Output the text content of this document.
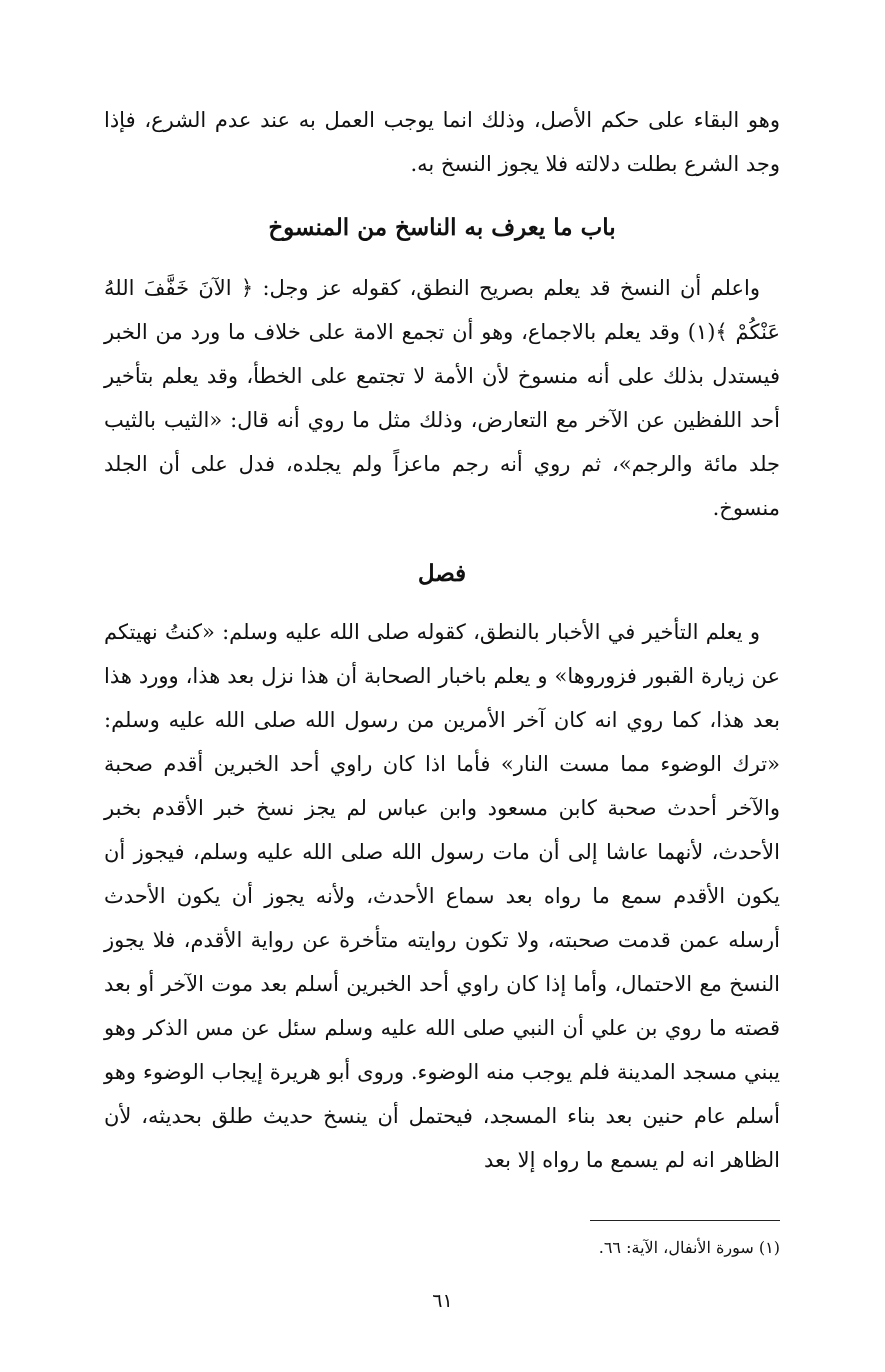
وهو البقاء على حكم الأصل، وذلك انما يوجب العمل به عند عدم الشرع، فإذا وجد الشرع بطلت دلالته فلا يجوز النسخ به.

باب ما يعرف به الناسخ من المنسوخ

واعلم أن النسخ قد يعلم بصريح النطق، كقوله عز وجل: ﴿ الآنَ خَفَّفَ اللهُ عَنْكُمْ ﴾(١) وقد يعلم بالاجماع، وهو أن تجمع الامة على خلاف ما ورد من الخبر فيستدل بذلك على أنه منسوخ لأن الأمة لا تجتمع على الخطأ، وقد يعلم بتأخير أحد اللفظين عن الآخر مع التعارض، وذلك مثل ما روي أنه قال: «الثيب بالثيب جلد مائة والرجم»، ثم روي أنه رجم ماعزاً ولم يجلده، فدل على أن الجلد منسوخ.

فصل

و يعلم التأخير في الأخبار بالنطق، كقوله صلى الله عليه وسلم: «كنتُ نهيتكم عن زيارة القبور فزوروها» و يعلم باخبار الصحابة أن هذا نزل بعد هذا، وورد هذا بعد هذا، كما روي انه كان آخر الأمرين من رسول الله صلى الله عليه وسلم: «ترك الوضوء مما مست النار» فأما اذا كان راوي أحد الخبرين أقدم صحبة والآخر أحدث صحبة كابن مسعود وابن عباس لم يجز نسخ خبر الأقدم بخبر الأحدث، لأنهما عاشا إلى أن مات رسول الله صلى الله عليه وسلم، فيجوز أن يكون الأقدم سمع ما رواه بعد سماع الأحدث، ولأنه يجوز أن يكون الأحدث أرسله عمن قدمت صحبته، ولا تكون روايته متأخرة عن رواية الأقدم، فلا يجوز النسخ مع الاحتمال، وأما إذا كان راوي أحد الخبرين أسلم بعد موت الآخر أو بعد قصته ما روي بن علي أن النبي صلى الله عليه وسلم سئل عن مس الذكر وهو يبني مسجد المدينة فلم يوجب منه الوضوء. وروى أبو هريرة إيجاب الوضوء وهو أسلم عام حنين بعد بناء المسجد، فيحتمل أن ينسخ حديث طلق بحديثه، لأن الظاهر انه لم يسمع ما رواه إلا بعد

(١) سورة الأنفال، الآية: ٦٦.
٦١
